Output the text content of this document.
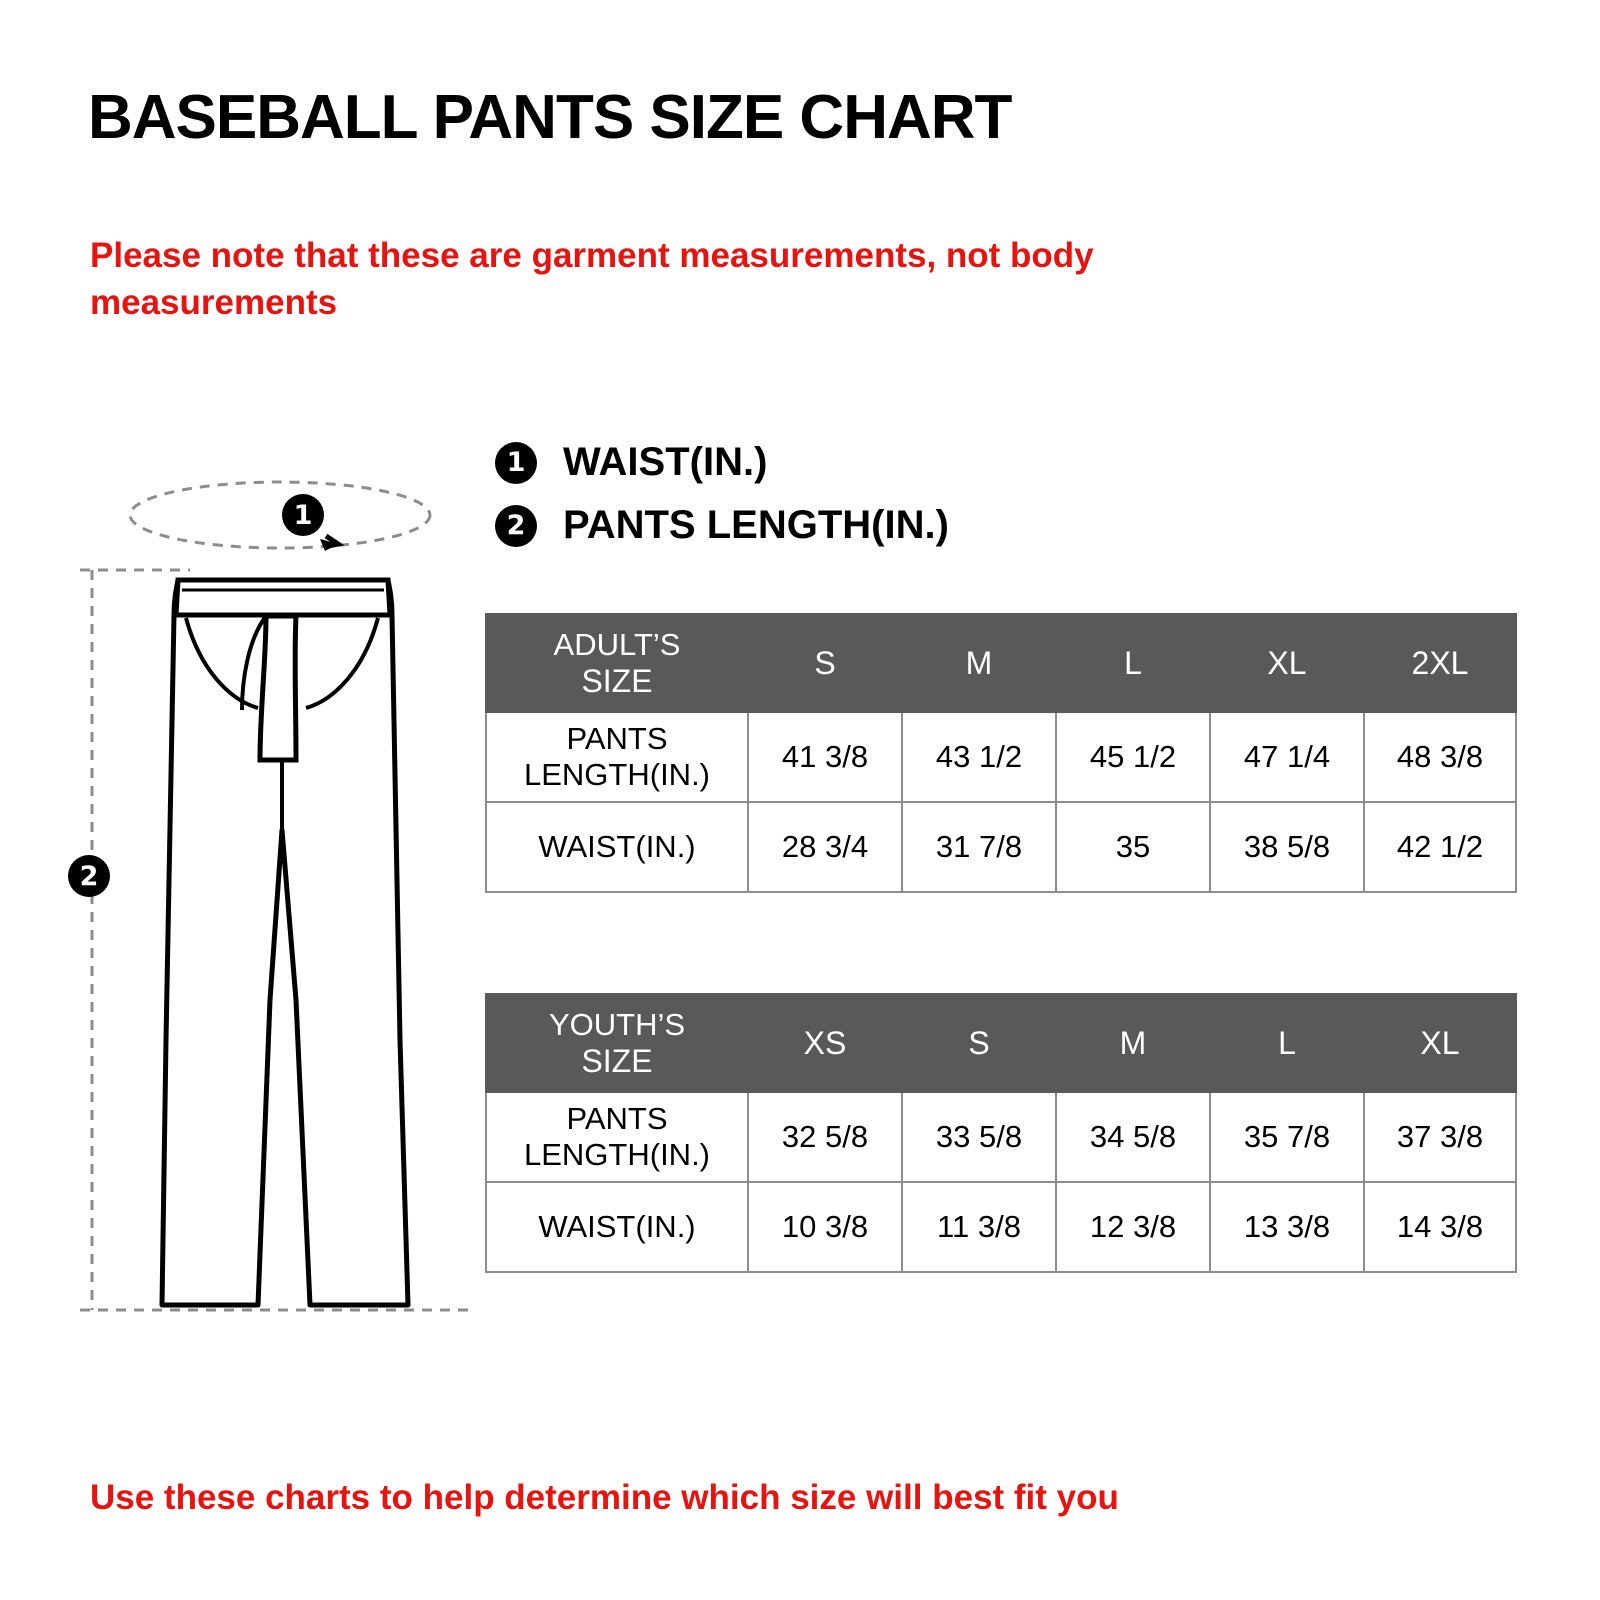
BASEBALL PANTS SIZE CHART
Please note that these are garment measurements, not body measurements
1
2
1 WAIST(IN.)
2 PANTS LENGTH(IN.)
ADULT’S
SIZE	S	M	L	XL	2XL
PANTS
LENGTH(IN.)	41 3/8	43 1/2	45 1/2	47 1/4	48 3/8
WAIST(IN.)	28 3/4	31 7/8	35	38 5/8	42 1/2
YOUTH’S
SIZE	XS	S	M	L	XL
PANTS
LENGTH(IN.)	32 5/8	33 5/8	34 5/8	35 7/8	37 3/8
WAIST(IN.)	10 3/8	11 3/8	12 3/8	13 3/8	14 3/8
Use these charts to help determine which size will best fit you
